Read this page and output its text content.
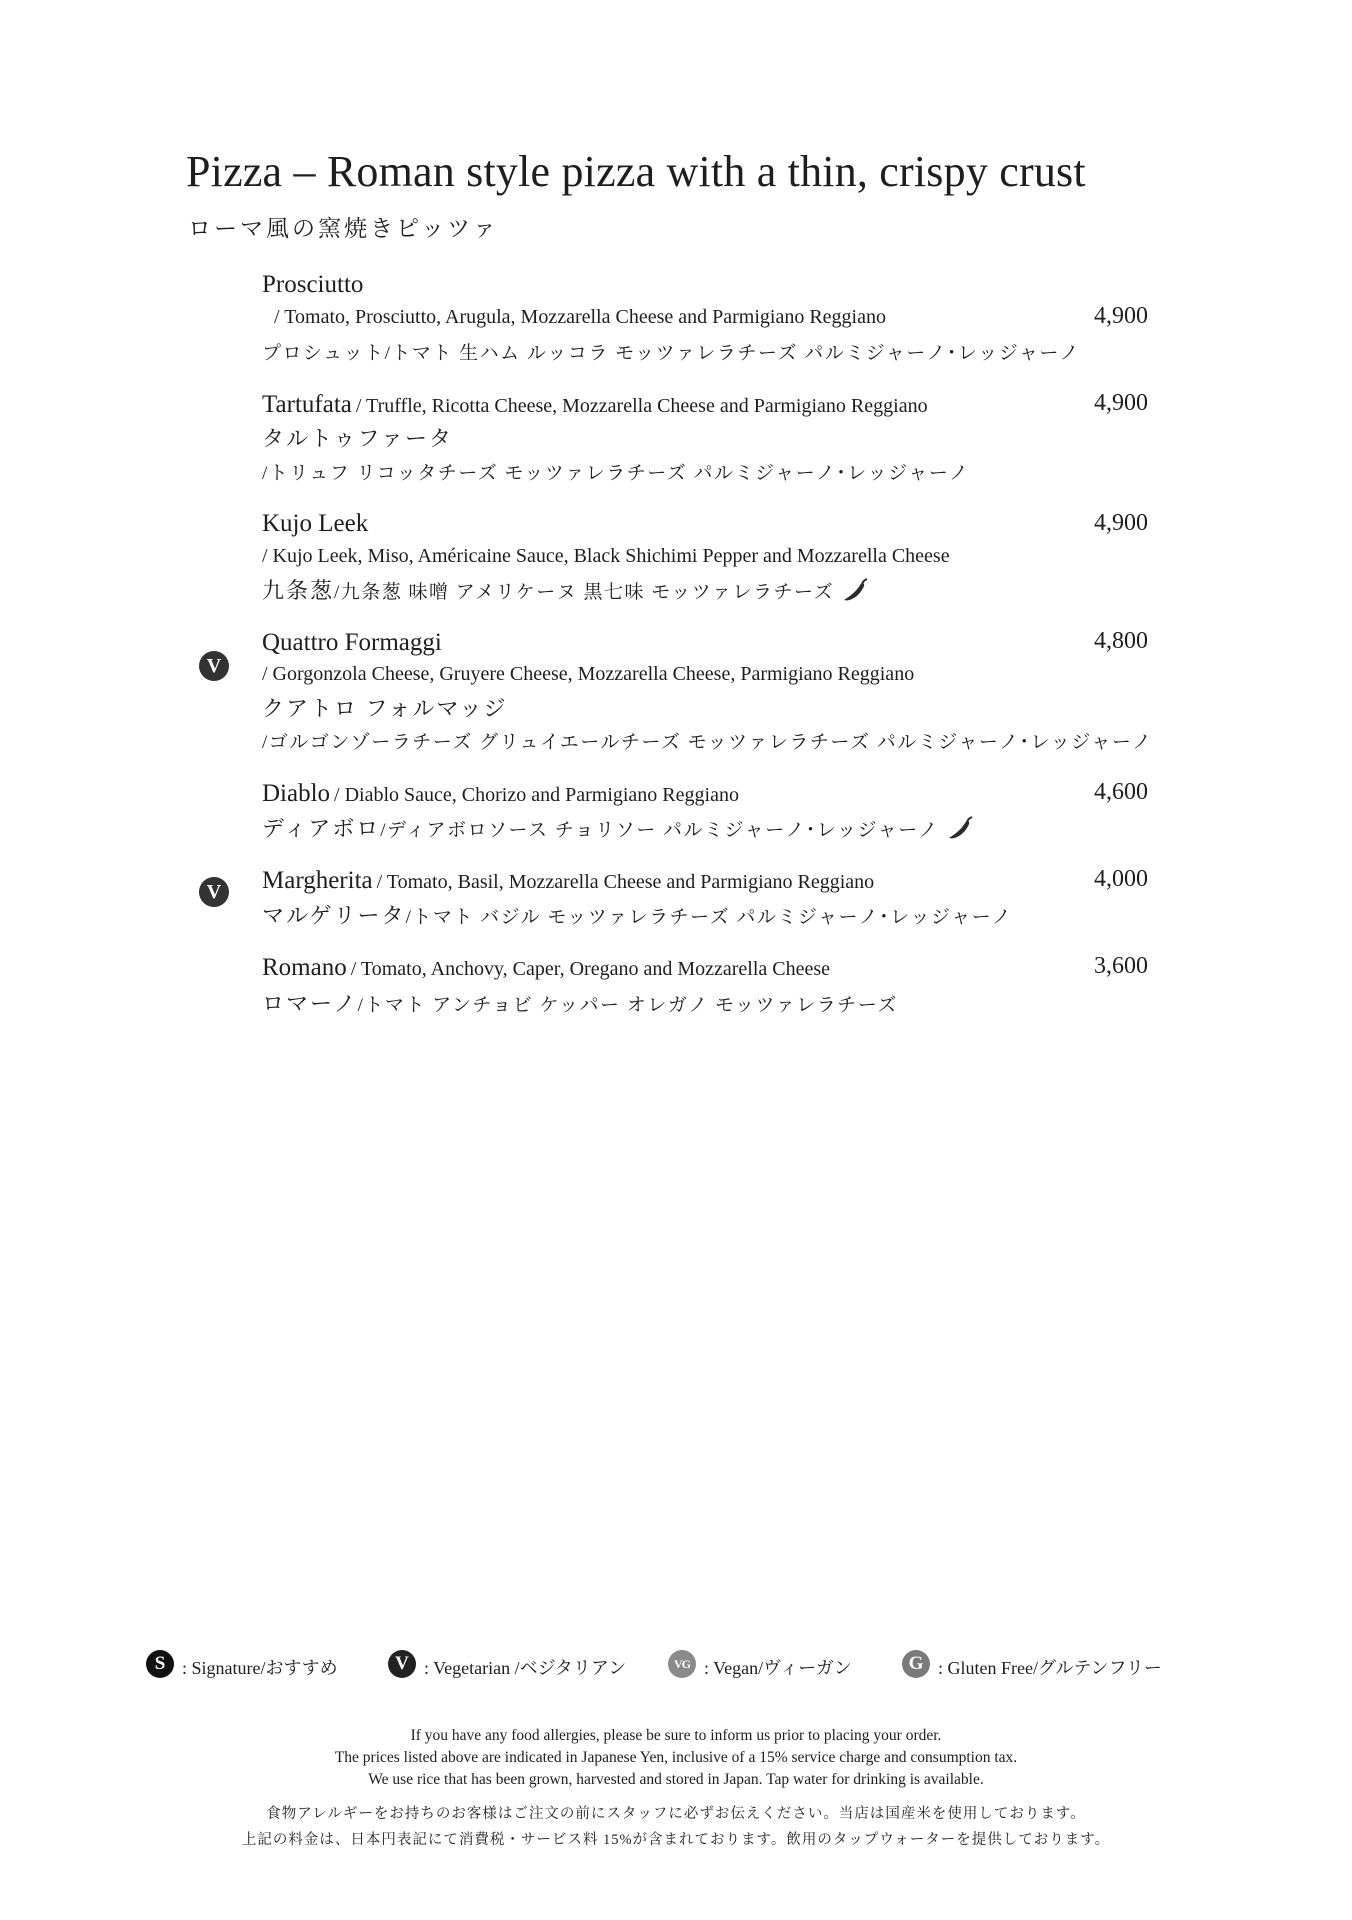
Pizza – Roman style pizza with a thin, crispy crust
ローマ風の窯焼きピッツァ
Prosciutto
/ Tomato, Prosciutto, Arugula, Mozzarella Cheese and Parmigiano Reggiano	4,900
プロシュット/トマト 生ハム ルッコラ モッツァレラチーズ パルミジャーノ･レッジャーノ
Tartufata / Truffle, Ricotta Cheese, Mozzarella Cheese and Parmigiano Reggiano	4,900
タルトゥファータ
/トリュフ リコッタチーズ モッツァレラチーズ パルミジャーノ･レッジャーノ
Kujo Leek	4,900
/ Kujo Leek, Miso, Américaine Sauce, Black Shichimi Pepper and Mozzarella Cheese
九条葱/九条葱 味噌 アメリケーヌ 黒七味 モッツァレラチーズ
V
Quattro Formaggi	4,800
/ Gorgonzola Cheese, Gruyere Cheese, Mozzarella Cheese, Parmigiano Reggiano
クアトロ フォルマッジ
/ゴルゴンゾーラチーズ グリュイエールチーズ モッツァレラチーズ パルミジャーノ･レッジャーノ
Diablo / Diablo Sauce, Chorizo and Parmigiano Reggiano	4,600
ディアボロ/ディアボロソース チョリソー パルミジャーノ･レッジャーノ
V	Margherita / Tomato, Basil, Mozzarella Cheese and Parmigiano Reggiano	4,000
マルゲリータ/トマト バジル モッツァレラチーズ パルミジャーノ･レッジャーノ
Romano / Tomato, Anchovy, Caper, Oregano and Mozzarella Cheese	3,600
ロマーノ/トマト アンチョビ ケッパー オレガノ モッツァレラチーズ
S : Signature/おすすめ	V : Vegetarian /ベジタリアン	VG : Vegan/ヴィーガン	G : Gluten Free/グルテンフリー
If you have any food allergies, please be sure to inform us prior to placing your order.
The prices listed above are indicated in Japanese Yen, inclusive of a 15% service charge and consumption tax.
We use rice that has been grown, harvested and stored in Japan. Tap water for drinking is available.
食物アレルギーをお持ちのお客様はご注文の前にスタッフに必ずお伝えください。当店は国産米を使用しております。
上記の料金は、日本円表記にて消費税・サービス料 15%が含まれております。飲用のタップウォーターを提供しております。
